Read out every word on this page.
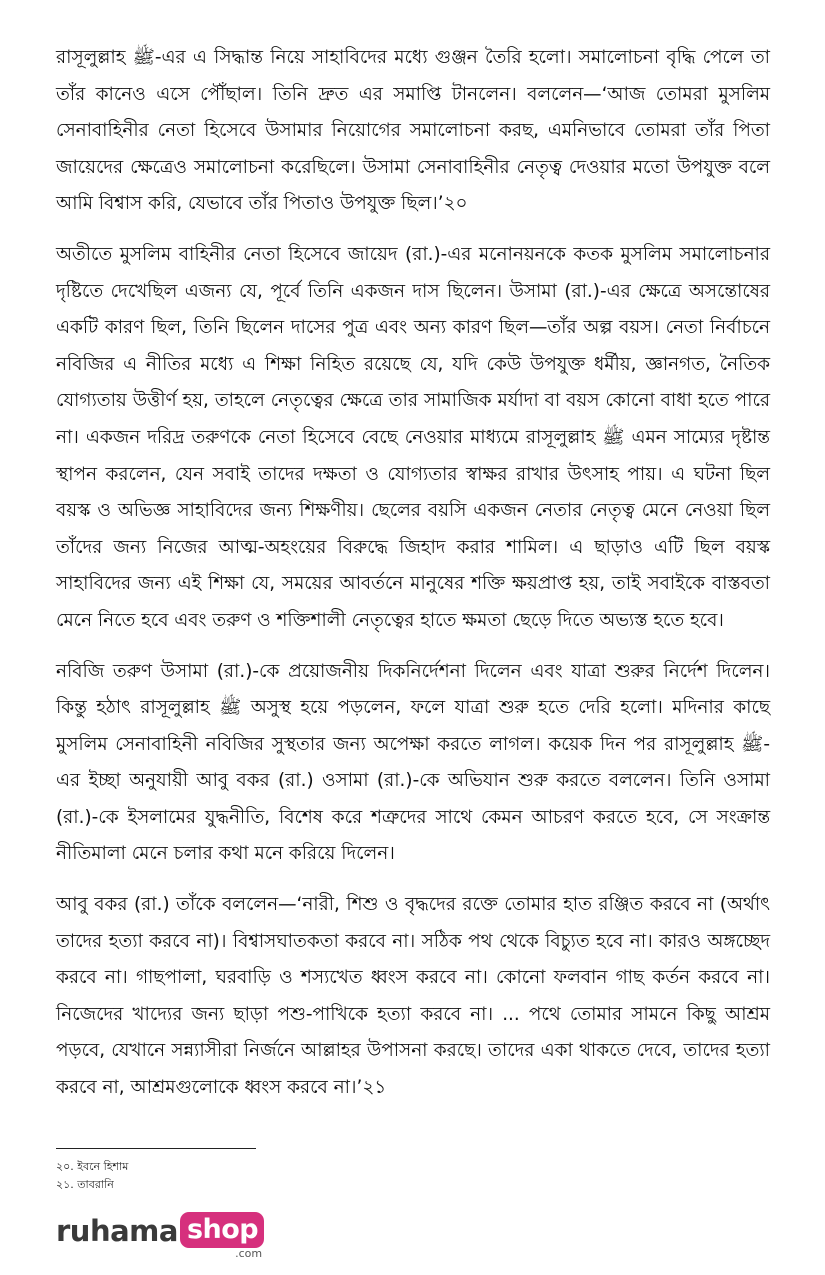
রাসূলুল্লাহ ﷺ-এর এ সিদ্ধান্ত নিয়ে সাহাবিদের মধ্যে গুঞ্জন তৈরি হলো। সমালোচনা বৃদ্ধি পেলে তা তাঁর কানেও এসে পৌঁছাল। তিনি দ্রুত এর সমাপ্তি টানলেন। বললেন—‘আজ তোমরা মুসলিম সেনাবাহিনীর নেতা হিসেবে উসামার নিয়োগের সমালোচনা করছ, এমনিভাবে তোমরা তাঁর পিতা জায়েদের ক্ষেত্রেও সমালোচনা করেছিলে। উসামা সেনাবাহিনীর নেতৃত্ব দেওয়ার মতো উপযুক্ত বলে আমি বিশ্বাস করি, যেভাবে তাঁর পিতাও উপযুক্ত ছিল।’২০

অতীতে মুসলিম বাহিনীর নেতা হিসেবে জায়েদ (রা.)-এর মনোনয়নকে কতক মুসলিম সমালোচনার দৃষ্টিতে দেখেছিল এজন্য যে, পূর্বে তিনি একজন দাস ছিলেন। উসামা (রা.)-এর ক্ষেত্রে অসন্তোষের একটি কারণ ছিল, তিনি ছিলেন দাসের পুত্র এবং অন্য কারণ ছিল—তাঁর অল্প বয়স। নেতা নির্বাচনে নবিজির এ নীতির মধ্যে এ শিক্ষা নিহিত রয়েছে যে, যদি কেউ উপযুক্ত ধর্মীয়, জ্ঞানগত, নৈতিক যোগ্যতায় উত্তীর্ণ হয়, তাহলে নেতৃত্বের ক্ষেত্রে তার সামাজিক মর্যাদা বা বয়স কোনো বাধা হতে পারে না। একজন দরিদ্র তরুণকে নেতা হিসেবে বেছে নেওয়ার মাধ্যমে রাসূলুল্লাহ ﷺ এমন সাম্যের দৃষ্টান্ত স্থাপন করলেন, যেন সবাই তাদের দক্ষতা ও যোগ্যতার স্বাক্ষর রাখার উৎসাহ পায়। এ ঘটনা ছিল বয়স্ক ও অভিজ্ঞ সাহাবিদের জন্য শিক্ষণীয়। ছেলের বয়সি একজন নেতার নেতৃত্ব মেনে নেওয়া ছিল তাঁদের জন্য নিজের আত্ম-অহংয়ের বিরুদ্ধে জিহাদ করার শামিল। এ ছাড়াও এটি ছিল বয়স্ক সাহাবিদের জন্য এই শিক্ষা যে, সময়ের আবর্তনে মানুষের শক্তি ক্ষয়প্রাপ্ত হয়, তাই সবাইকে বাস্তবতা মেনে নিতে হবে এবং তরুণ ও শক্তিশালী নেতৃত্বের হাতে ক্ষমতা ছেড়ে দিতে অভ্যস্ত হতে হবে।

নবিজি তরুণ উসামা (রা.)-কে প্রয়োজনীয় দিকনির্দেশনা দিলেন এবং যাত্রা শুরুর নির্দেশ দিলেন। কিন্তু হঠাৎ রাসূলুল্লাহ ﷺ অসুস্থ হয়ে পড়লেন, ফলে যাত্রা শুরু হতে দেরি হলো। মদিনার কাছে মুসলিম সেনাবাহিনী নবিজির সুস্থতার জন্য অপেক্ষা করতে লাগল। কয়েক দিন পর রাসূলুল্লাহ ﷺ-এর ইচ্ছা অনুযায়ী আবু বকর (রা.) ওসামা (রা.)-কে অভিযান শুরু করতে বললেন। তিনি ওসামা (রা.)-কে ইসলামের যুদ্ধনীতি, বিশেষ করে শত্রুদের সাথে কেমন আচরণ করতে হবে, সে সংক্রান্ত নীতিমালা মেনে চলার কথা মনে করিয়ে দিলেন।

আবু বকর (রা.) তাঁকে বললেন—‘নারী, শিশু ও বৃদ্ধদের রক্তে তোমার হাত রঞ্জিত করবে না (অর্থাৎ তাদের হত্যা করবে না)। বিশ্বাসঘাতকতা করবে না। সঠিক পথ থেকে বিচ্যুত হবে না। কারও অঙ্গচ্ছেদ করবে না। গাছপালা, ঘরবাড়ি ও শস্যখেত ধ্বংস করবে না। কোনো ফলবান গাছ কর্তন করবে না। নিজেদের খাদ্যের জন্য ছাড়া পশু-পাখিকে হত্যা করবে না। ... পথে তোমার সামনে কিছু আশ্রম পড়বে, যেখানে সন্ন্যাসীরা নির্জনে আল্লাহর উপাসনা করছে। তাদের একা থাকতে দেবে, তাদের হত্যা করবে না, আশ্রমগুলোকে ধ্বংস করবে না।’২১

২০. ইবনে হিশাম
২১. তাবরানি
ruhama shop
.com
